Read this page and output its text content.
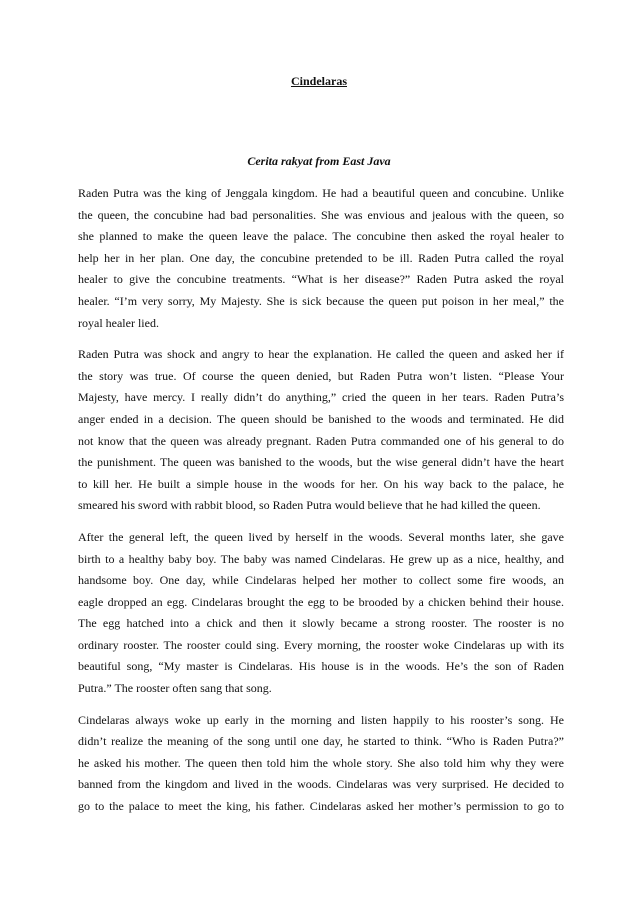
Cindelaras
Cerita rakyat from East Java
Raden Putra was the king of Jenggala kingdom. He had a beautiful queen and concubine. Unlike
the queen, the concubine had bad personalities. She was envious and jealous with the queen, so
she planned to make the queen leave the palace. The concubine then asked the royal healer to
help her in her plan. One day, the concubine pretended to be ill. Raden Putra called the royal
healer to give the concubine treatments. “What is her disease?” Raden Putra asked the royal
healer. “I’m very sorry, My Majesty. She is sick because the queen put poison in her meal,” the
royal healer lied.
Raden Putra was shock and angry to hear the explanation. He called the queen and asked her if
the story was true. Of course the queen denied, but Raden Putra won’t listen. “Please Your
Majesty, have mercy. I really didn’t do anything,” cried the queen in her tears. Raden Putra’s
anger ended in a decision. The queen should be banished to the woods and terminated. He did
not know that the queen was already pregnant. Raden Putra commanded one of his general to do
the punishment. The queen was banished to the woods, but the wise general didn’t have the heart
to kill her. He built a simple house in the woods for her. On his way back to the palace, he
smeared his sword with rabbit blood, so Raden Putra would believe that he had killed the queen.
After the general left, the queen lived by herself in the woods. Several months later, she gave
birth to a healthy baby boy. The baby was named Cindelaras. He grew up as a nice, healthy, and
handsome boy. One day, while Cindelaras helped her mother to collect some fire woods, an
eagle dropped an egg. Cindelaras brought the egg to be brooded by a chicken behind their house.
The egg hatched into a chick and then it slowly became a strong rooster. The rooster is no
ordinary rooster. The rooster could sing. Every morning, the rooster woke Cindelaras up with its
beautiful song, “My master is Cindelaras. His house is in the woods. He’s the son of Raden
Putra.” The rooster often sang that song.
Cindelaras always woke up early in the morning and listen happily to his rooster’s song. He
didn’t realize the meaning of the song until one day, he started to think. “Who is Raden Putra?”
he asked his mother. The queen then told him the whole story. She also told him why they were
banned from the kingdom and lived in the woods. Cindelaras was very surprised. He decided to
go to the palace to meet the king, his father. Cindelaras asked her mother’s permission to go to
